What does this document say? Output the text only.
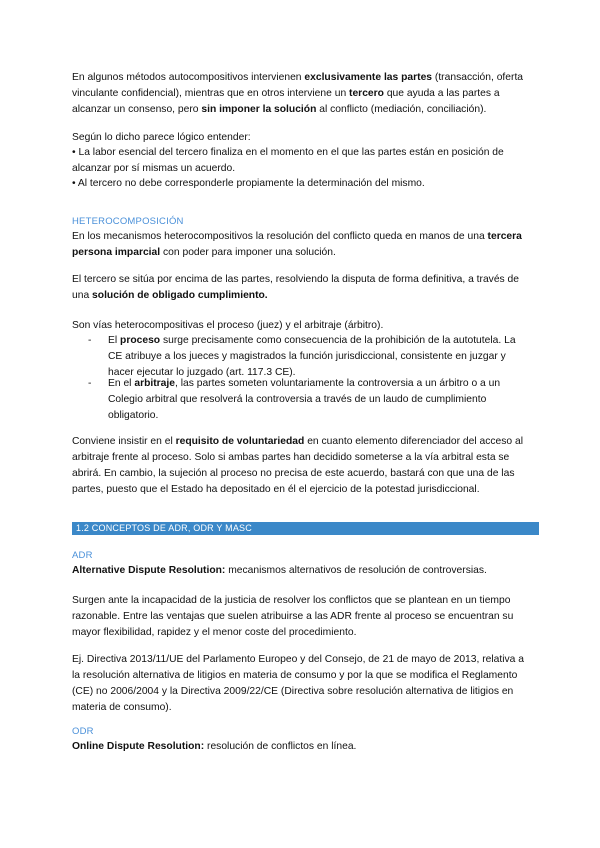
En algunos métodos autocompositivos intervienen exclusivamente las partes (transacción, oferta vinculante confidencial), mientras que en otros interviene un tercero que ayuda a las partes a alcanzar un consenso, pero sin imponer la solución al conflicto (mediación, conciliación).

Según lo dicho parece lógico entender:

• La labor esencial del tercero finaliza en el momento en el que las partes están en posición de alcanzar por sí mismas un acuerdo.

• Al tercero no debe corresponderle propiamente la determinación del mismo.

HETEROCOMPOSICIÓN

En los mecanismos heterocompositivos la resolución del conflicto queda en manos de una tercera persona imparcial con poder para imponer una solución.

El tercero se sitúa por encima de las partes, resolviendo la disputa de forma definitiva, a través de una solución de obligado cumplimiento.

Son vías heterocompositivas el proceso (juez) y el arbitraje (árbitro).

- El proceso surge precisamente como consecuencia de la prohibición de la autotutela. La CE atribuye a los jueces y magistrados la función jurisdiccional, consistente en juzgar y hacer ejecutar lo juzgado (art. 117.3 CE).

- En el arbitraje, las partes someten voluntariamente la controversia a un árbitro o a un Colegio arbitral que resolverá la controversia a través de un laudo de cumplimiento obligatorio.

Conviene insistir en el requisito de voluntariedad en cuanto elemento diferenciador del acceso al arbitraje frente al proceso. Solo si ambas partes han decidido someterse a la vía arbitral esta se abrirá. En cambio, la sujeción al proceso no precisa de este acuerdo, bastará con que una de las partes, puesto que el Estado ha depositado en él el ejercicio de la potestad jurisdiccional.

1.2 CONCEPTOS DE ADR, ODR Y MASC

ADR

Alternative Dispute Resolution: mecanismos alternativos de resolución de controversias.

Surgen ante la incapacidad de la justicia de resolver los conflictos que se plantean en un tiempo razonable. Entre las ventajas que suelen atribuirse a las ADR frente al proceso se encuentran su mayor flexibilidad, rapidez y el menor coste del procedimiento.

Ej. Directiva 2013/11/UE del Parlamento Europeo y del Consejo, de 21 de mayo de 2013, relativa a la resolución alternativa de litigios en materia de consumo y por la que se modifica el Reglamento (CE) no 2006/2004 y la Directiva 2009/22/CE (Directiva sobre resolución alternativa de litigios en materia de consumo).

ODR

Online Dispute Resolution: resolución de conflictos en línea.
